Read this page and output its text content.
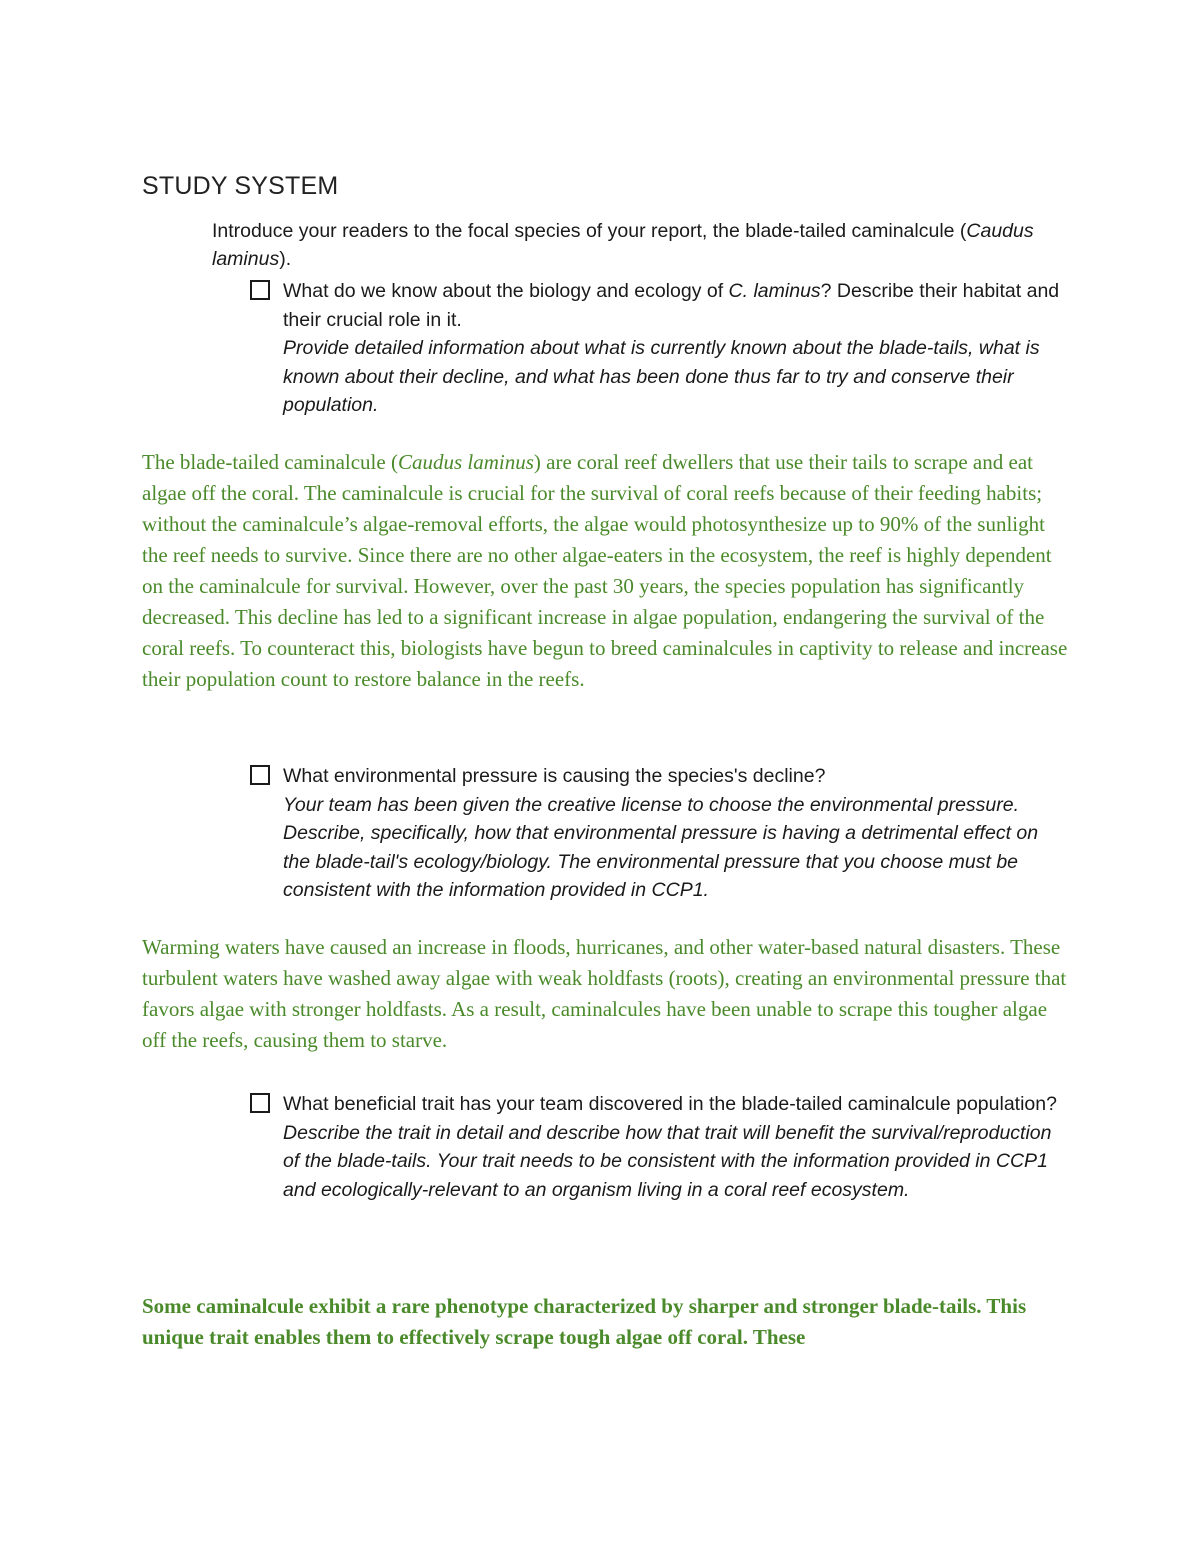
STUDY SYSTEM
Introduce your readers to the focal species of your report, the blade-tailed caminalcule (Caudus laminus).
What do we know about the biology and ecology of C. laminus? Describe their habitat and their crucial role in it.
Provide detailed information about what is currently known about the blade-tails, what is known about their decline, and what has been done thus far to try and conserve their population.
The blade-tailed caminalcule (Caudus laminus) are coral reef dwellers that use their tails to scrape and eat algae off the coral. The caminalcule is crucial for the survival of coral reefs because of their feeding habits; without the caminalcule’s algae-removal efforts, the algae would photosynthesize up to 90% of the sunlight the reef needs to survive. Since there are no other algae-eaters in the ecosystem, the reef is highly dependent on the caminalcule for survival. However, over the past 30 years, the species population has significantly decreased. This decline has led to a significant increase in algae population, endangering the survival of the coral reefs. To counteract this, biologists have begun to breed caminalcules in captivity to release and increase their population count to restore balance in the reefs.
What environmental pressure is causing the species's decline?
Your team has been given the creative license to choose the environmental pressure. Describe, specifically, how that environmental pressure is having a detrimental effect on the blade-tail's ecology/biology. The environmental pressure that you choose must be consistent with the information provided in CCP1.
Warming waters have caused an increase in floods, hurricanes, and other water-based natural disasters. These turbulent waters have washed away algae with weak holdfasts (roots), creating an environmental pressure that favors algae with stronger holdfasts. As a result, caminalcules have been unable to scrape this tougher algae off the reefs, causing them to starve.
What beneficial trait has your team discovered in the blade-tailed caminalcule population?
Describe the trait in detail and describe how that trait will benefit the survival/reproduction of the blade-tails. Your trait needs to be consistent with the information provided in CCP1 and ecologically-relevant to an organism living in a coral reef ecosystem.
Some caminalcule exhibit a rare phenotype characterized by sharper and stronger blade-tails. This unique trait enables them to effectively scrape tough algae off coral. These
